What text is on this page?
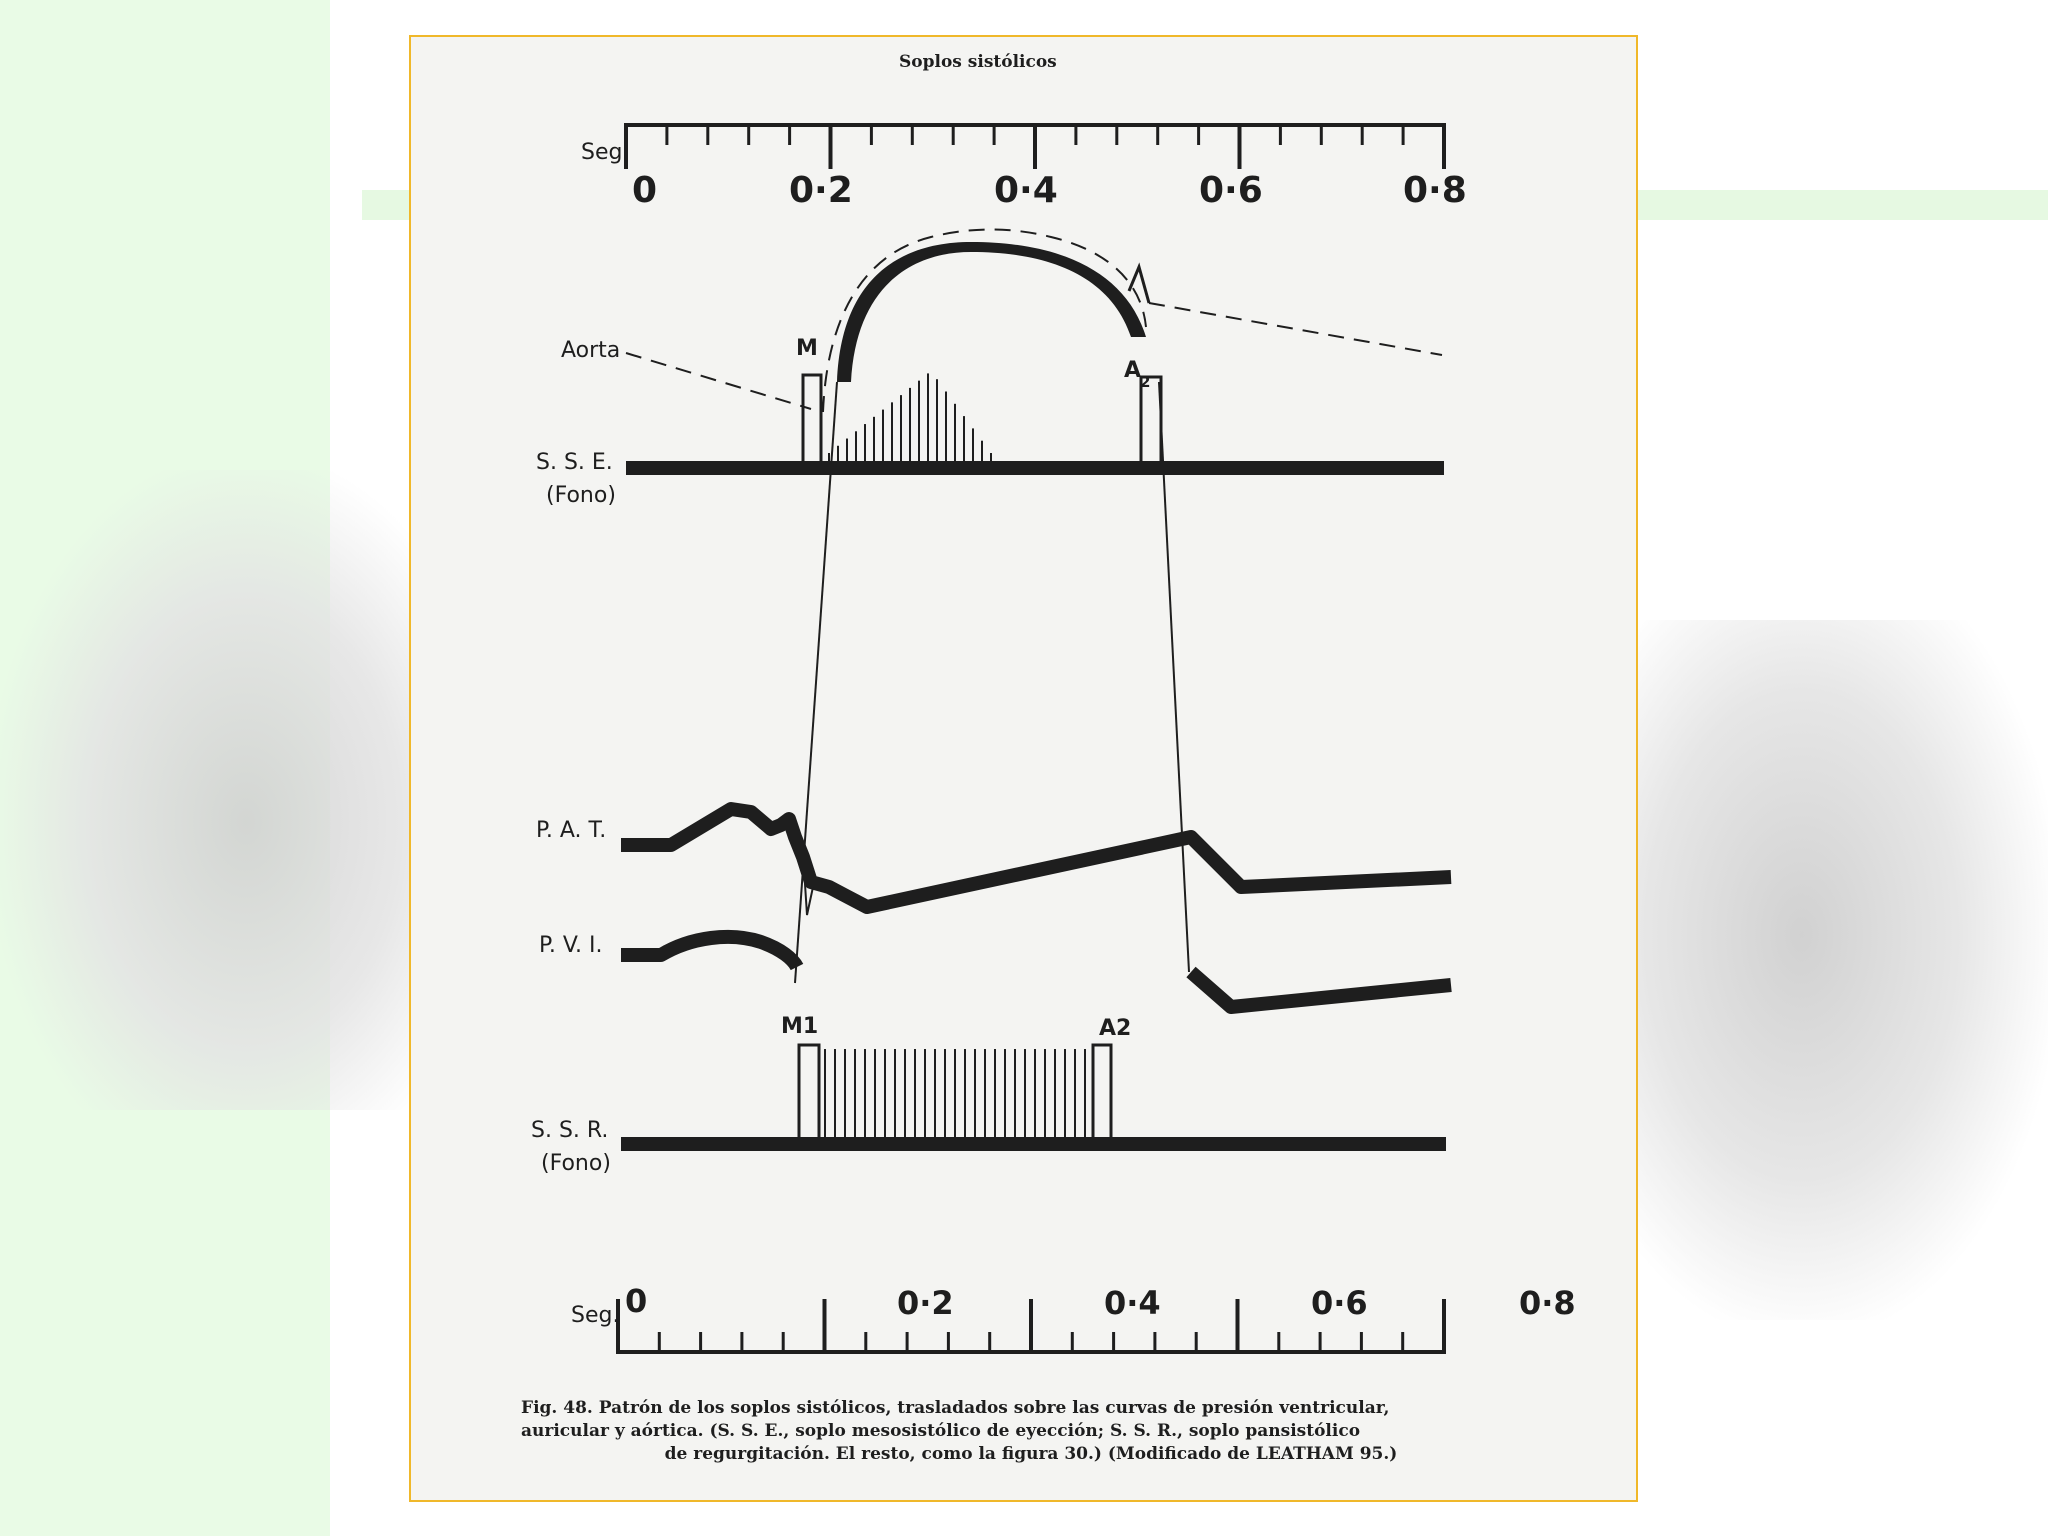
Soplos sistólicos
Seg.
0	0·2	0·4	0·6	0·8
Aorta	M
A
2
S. S. E.
(Fono)
P. A. T.
P. V. I.
M1	A2
S. S. R.
(Fono)
Seg. 0	0·2	0·4	0·6	0·8
Fig. 48. Patrón de los soplos sistólicos, trasladados sobre las curvas de presión ventricular,
auricular y aórtica. (S. S. E., soplo mesosistólico de eyección; S. S. R., soplo pansistólico
de regurgitación. El resto, como la figura 30.) (Modificado de LEATHAM 95.)
